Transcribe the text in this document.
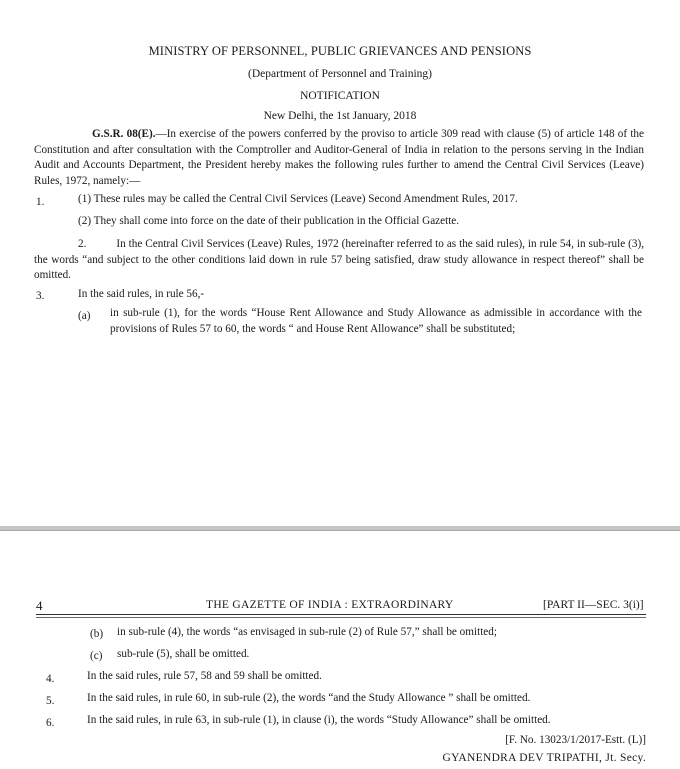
MINISTRY OF PERSONNEL, PUBLIC GRIEVANCES AND PENSIONS
(Department of Personnel and Training)
NOTIFICATION
New Delhi, the 1st January, 2018
G.S.R. 08(E).—In exercise of the powers conferred by the proviso to article 309 read with clause (5) of article 148 of the Constitution and after consultation with the Comptroller and Auditor-General of India in relation to the persons serving in the Indian Audit and Accounts Department, the President hereby makes the following rules further to amend the Central Civil Services (Leave) Rules, 1972, namely:—
1.	(1) These rules may be called the Central Civil Services (Leave) Second Amendment Rules, 2017.
(2) They shall come into force on the date of their publication in the Official Gazette.
2.	In the Central Civil Services (Leave) Rules, 1972 (hereinafter referred to as the said rules), in rule 54, in sub-rule (3), the words “and subject to the other conditions laid down in rule 57 being satisfied, draw study allowance in respect thereof” shall be omitted.
3.	In the said rules, in rule 56,-
(a) in sub-rule (1), for the words “House Rent Allowance and Study Allowance as admissible in accordance with the provisions of Rules 57 to 60, the words “ and House Rent Allowance” shall be substituted;
4	THE GAZETTE OF INDIA : EXTRAORDINARY	[PART II—SEC. 3(i)]
(b) in sub-rule (4), the words “as envisaged in sub-rule (2) of Rule 57,” shall be omitted;
(c) sub-rule (5), shall be omitted.
4.	In the said rules, rule 57, 58 and 59 shall be omitted.
5.	In the said rules, in rule 60, in sub-rule (2), the words “and the Study Allowance ” shall be omitted.
6.	In the said rules, in rule 63, in sub-rule (1), in clause (i), the words “Study Allowance” shall be omitted.
[F. No. 13023/1/2017-Estt. (L)]
GYANENDRA DEV TRIPATHI, Jt. Secy.
